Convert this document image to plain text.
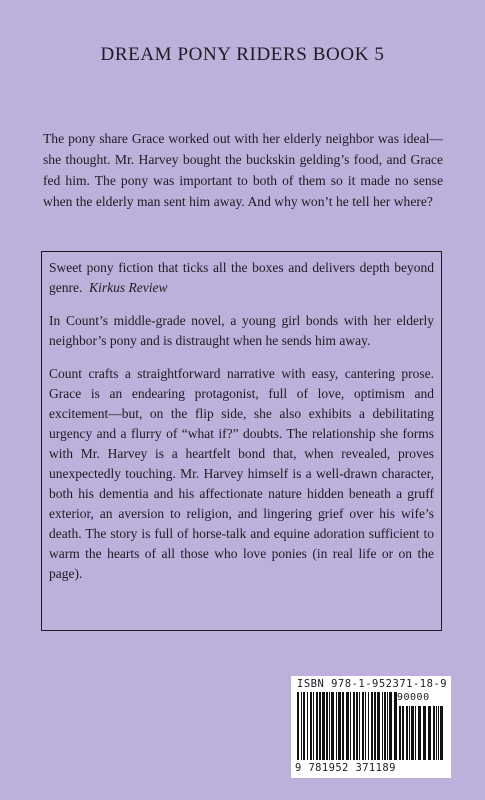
DREAM PONY RIDERS BOOK 5
The pony share Grace worked out with her elderly neighbor was ideal—she thought. Mr. Harvey bought the buckskin gelding’s food, and Grace fed him. The pony was important to both of them so it made no sense when the elderly man sent him away. And why won’t he tell her where?

Sweet pony fiction that ticks all the boxes and delivers depth beyond genre. Kirkus Review

In Count’s middle-grade novel, a young girl bonds with her elderly neighbor’s pony and is distraught when he sends him away.

Count crafts a straightforward narrative with easy, cantering prose. Grace is an endearing protagonist, full of love, optimism and excitement—but, on the flip side, she also exhibits a debilitating urgency and a flurry of “what if?” doubts. The relationship she forms with Mr. Harvey is a heartfelt bond that, when revealed, proves unexpectedly touching. Mr. Harvey himself is a well-drawn character, both his dementia and his affectionate nature hidden beneath a gruff exterior, an aversion to religion, and lingering grief over his wife’s death. The story is full of horse-talk and equine adoration sufficient to warm the hearts of all those who love ponies (in real life or on the page).

ISBN 978-1-952371-18-9
90000
9 781952 371189
